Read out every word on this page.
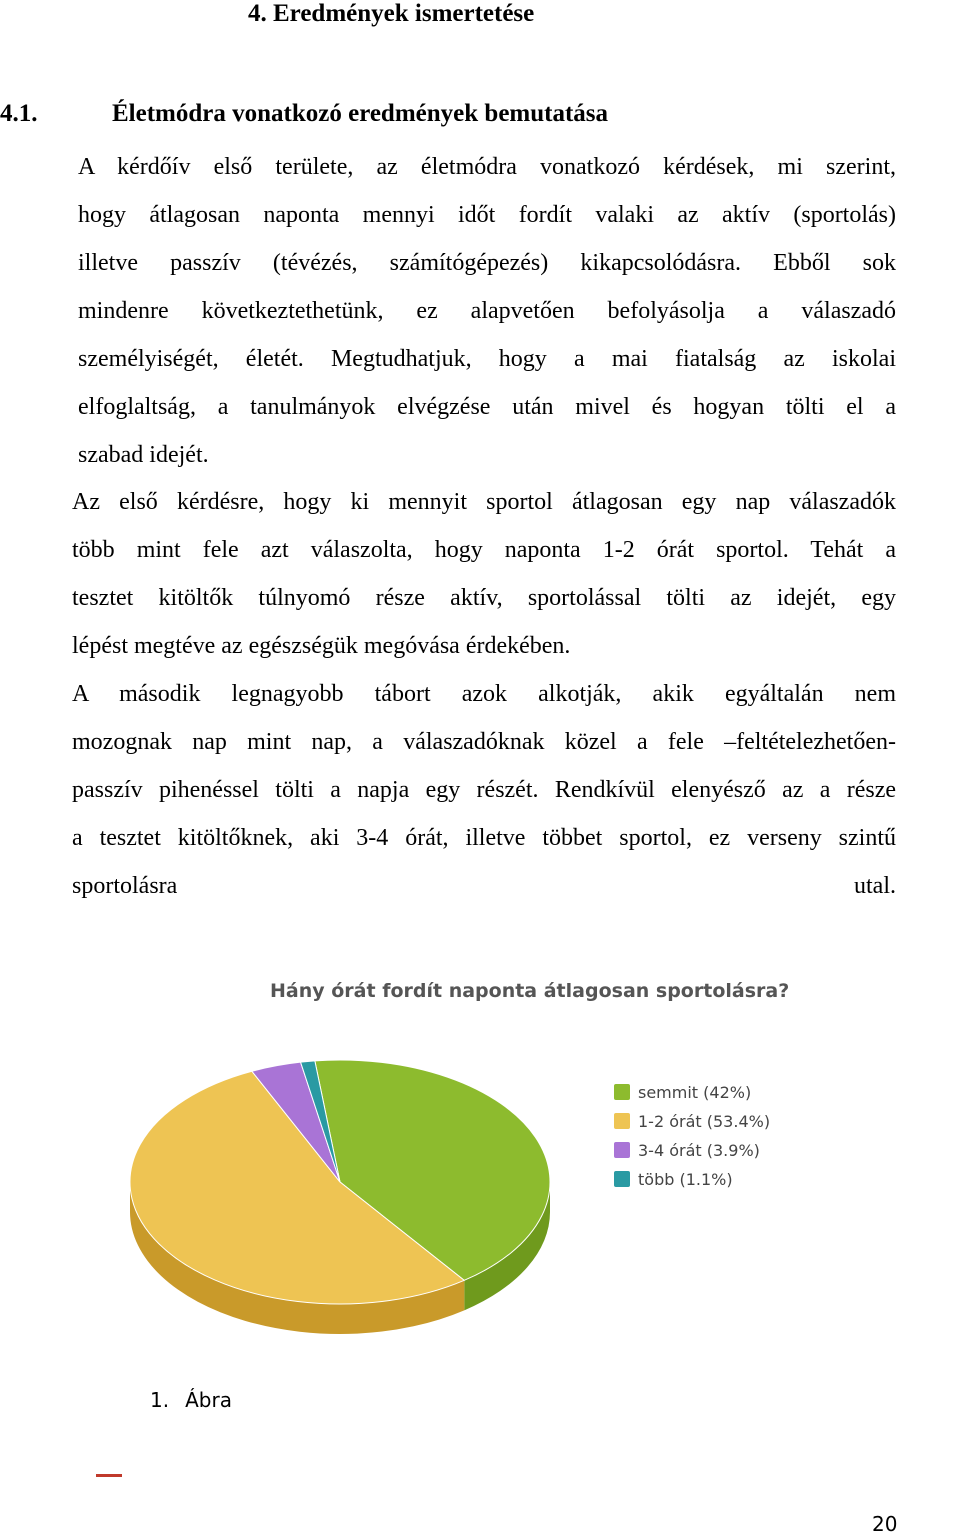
4. Eredmények ismertetése
4.1.	Életmódra vonatkozó eredmények bemutatása
A kérdőív első területe, az életmódra vonatkozó kérdések, mi szerint,
hogy átlagosan naponta mennyi időt fordít valaki az aktív (sportolás)
illetve passzív (tévézés, számítógépezés) kikapcsolódásra. Ebből sok
mindenre következtethetünk, ez alapvetően befolyásolja a válaszadó
személyiségét, életét. Megtudhatjuk, hogy a mai fiatalság az iskolai
elfoglaltság, a tanulmányok elvégzése után mivel és hogyan tölti el a
szabad idejét.
Az első kérdésre, hogy ki mennyit sportol átlagosan egy nap válaszadók
több mint fele azt válaszolta, hogy naponta 1-2 órát sportol. Tehát a
tesztet kitöltők túlnyomó része aktív, sportolással tölti az idejét, egy
lépést megtéve az egészségük megóvása érdekében.
A második legnagyobb tábort azok alkotják, akik egyáltalán nem
mozognak nap mint nap, a válaszadóknak közel a fele –feltételezhetően-
passzív pihenéssel tölti a napja egy részét. Rendkívül elenyésző az a része
a tesztet kitöltőknek, aki 3-4 órát, illetve többet sportol, ez verseny szintű
sportolásra utal.
Hány órát fordít naponta átlagosan sportolásra?
semmit (42%)
1-2 órát (53.4%)
3-4 órát (3.9%)
több (1.1%)
1. Ábra
20
